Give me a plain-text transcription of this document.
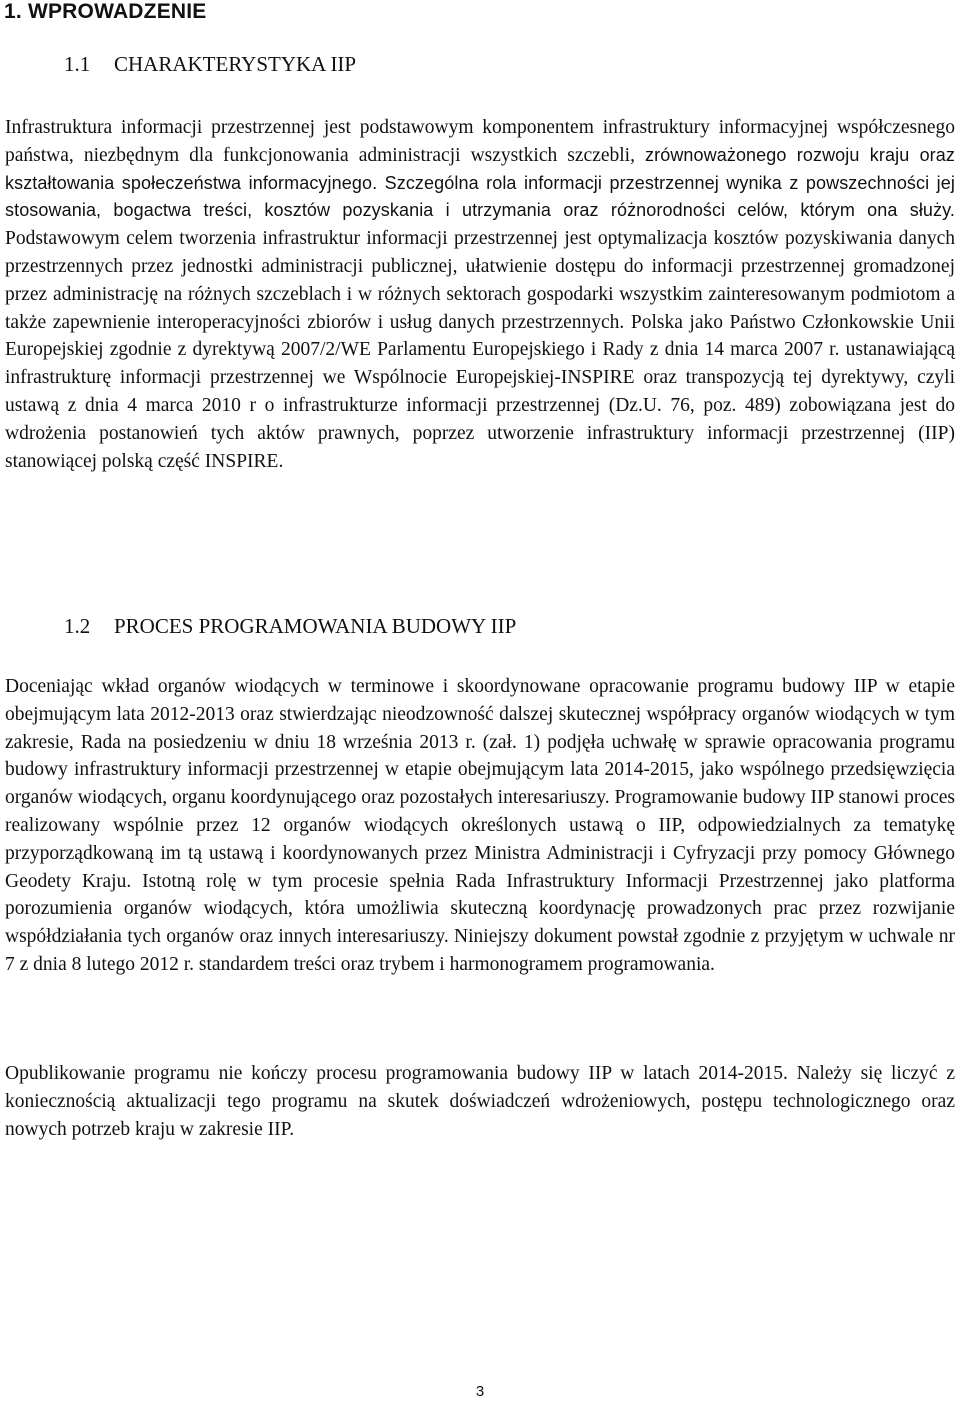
1. WPROWADZENIE
1.1 CHARAKTERYSTYKA IIP

Infrastruktura informacji przestrzennej jest podstawowym komponentem infrastruktury informacyjnej współczesnego państwa, niezbędnym dla funkcjonowania administracji wszystkich szczebli, zrównoważonego rozwoju kraju oraz kształtowania społeczeństwa informacyjnego. Szczególna rola informacji przestrzennej wynika z powszechności jej stosowania, bogactwa treści, kosztów pozyskania i utrzymania oraz różnorodności celów, którym ona służy. Podstawowym celem tworzenia infrastruktur informacji przestrzennej jest optymalizacja kosztów pozyskiwania danych przestrzennych przez jednostki administracji publicznej, ułatwienie dostępu do informacji przestrzennej gromadzonej przez administrację na różnych szczeblach i w różnych sektorach gospodarki wszystkim zainteresowanym podmiotom a także zapewnienie interoperacyjności zbiorów i usług danych przestrzennych. Polska jako Państwo Członkowskie Unii Europejskiej zgodnie z dyrektywą 2007/2/WE Parlamentu Europejskiego i Rady z dnia 14 marca 2007 r. ustanawiającą infrastrukturę informacji przestrzennej we Wspólnocie Europejskiej-INSPIRE oraz transpozycją tej dyrektywy, czyli ustawą z dnia 4 marca 2010 r o infrastrukturze informacji przestrzennej (Dz.U. 76, poz. 489) zobowiązana jest do wdrożenia postanowień tych aktów prawnych, poprzez utworzenie infrastruktury informacji przestrzennej (IIP) stanowiącej polską część INSPIRE.

1.2 PROCES PROGRAMOWANIA BUDOWY IIP

Doceniając wkład organów wiodących w terminowe i skoordynowane opracowanie programu budowy IIP w etapie obejmującym lata 2012-2013 oraz stwierdzając nieodzowność dalszej skutecznej współpracy organów wiodących w tym zakresie, Rada na posiedzeniu w dniu 18 września 2013 r. (zał. 1) podjęła uchwałę w sprawie opracowania programu budowy infrastruktury informacji przestrzennej w etapie obejmującym lata 2014-2015, jako wspólnego przedsięwzięcia organów wiodących, organu koordynującego oraz pozostałych interesariuszy. Programowanie budowy IIP stanowi proces realizowany wspólnie przez 12 organów wiodących określonych ustawą o IIP, odpowiedzialnych za tematykę przyporządkowaną im tą ustawą i koordynowanych przez Ministra Administracji i Cyfryzacji przy pomocy Głównego Geodety Kraju. Istotną rolę w tym procesie spełnia Rada Infrastruktury Informacji Przestrzennej jako platforma porozumienia organów wiodących, która umożliwia skuteczną koordynację prowadzonych prac przez rozwijanie współdziałania tych organów oraz innych interesariuszy. Niniejszy dokument powstał zgodnie z przyjętym w uchwale nr 7 z dnia 8 lutego 2012 r. standardem treści oraz trybem i harmonogramem programowania.

Opublikowanie programu nie kończy procesu programowania budowy IIP w latach 2014-2015. Należy się liczyć z koniecznością aktualizacji tego programu na skutek doświadczeń wdrożeniowych, postępu technologicznego oraz nowych potrzeb kraju w zakresie IIP.

3
